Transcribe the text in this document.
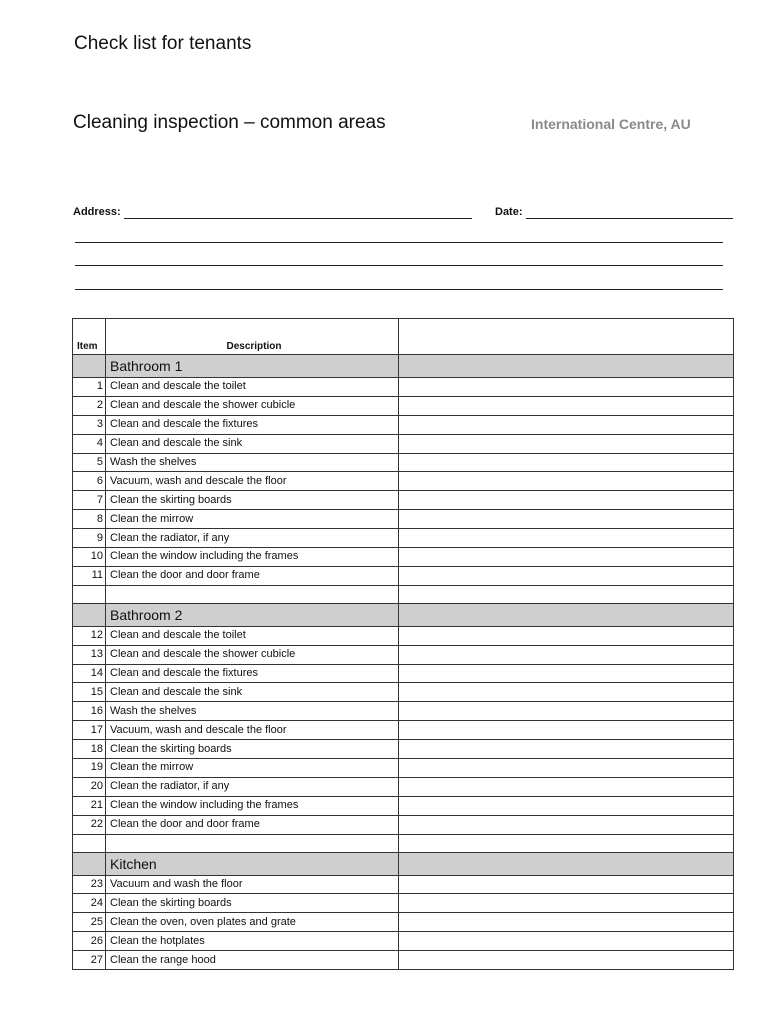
Check list for tenants
Cleaning inspection – common areas	International Centre, AU
Address:	Date:
Item	Description	
	Bathroom 1	
1	Clean and descale the toilet	
2	Clean and descale the shower cubicle	
3	Clean and descale the fixtures	
4	Clean and descale the sink	
5	Wash the shelves	
6	Vacuum, wash and descale the floor	
7	Clean the skirting boards	
8	Clean the mirrow	
9	Clean the radiator, if any	
10	Clean the window including the frames	
11	Clean the door and door frame	

	Bathroom 2	
12	Clean and descale the toilet	
13	Clean and descale the shower cubicle	
14	Clean and descale the fixtures	
15	Clean and descale the sink	
16	Wash the shelves	
17	Vacuum, wash and descale the floor	
18	Clean the skirting boards	
19	Clean the mirrow	
20	Clean the radiator, if any	
21	Clean the window including the frames	
22	Clean the door and door frame	

	Kitchen	
23	Vacuum and wash the floor	
24	Clean the skirting boards	
25	Clean the oven, oven plates and grate	
26	Clean the hotplates	
27	Clean the range hood	
